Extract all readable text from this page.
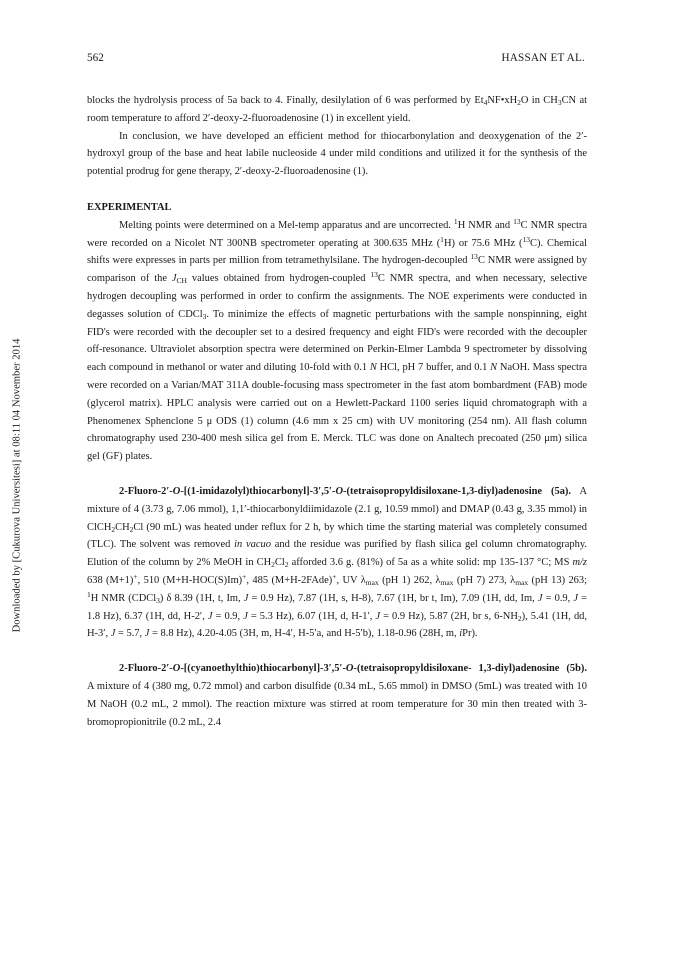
562	HASSAN ET AL.
Downloaded by [Cukurova Universitesi] at 08:11 04 November 2014

blocks the hydrolysis process of 5a back to 4. Finally, desilylation of 6 was performed by $Et_4NF•xH_2O$ in $CH_3CN$ at room temperature to afford 2′-deoxy-2-fluoroadenosine (1) in excellent yield.

In conclusion, we have developed an efficient method for thiocarbonylation and deoxygenation of the 2′-hydroxyl group of the base and heat labile nucleoside 4 under mild conditions and utilized it for the synthesis of the potential prodrug for gene therapy, 2′-deoxy-2-fluoroadenosine (1).

EXPERIMENTAL

Melting points were determined on a Mel-temp apparatus and are uncorrected. $^1$H NMR and $^{13}$C NMR spectra were recorded on a Nicolet NT 300NB spectrometer operating at 300.635 MHz ($^1$H) or 75.6 MHz ($^{13}$C). Chemical shifts were expresses in parts per million from tetramethylsilane. The hydrogen-decoupled $^{13}$C NMR were assigned by comparison of the $J_{CH}$ values obtained from hydrogen-coupled $^{13}$C NMR spectra, and when necessary, selective hydrogen decoupling was performed in order to confirm the assignments. The NOE experiments were conducted in degasses solution of CDCl$_3$. To minimize the effects of magnetic perturbations with the sample nonspinning, eight FID's were recorded with the decoupler set to a desired frequency and eight FID's were recorded with the decoupler off-resonance. Ultraviolet absorption spectra were determined on Perkin-Elmer Lambda 9 spectrometer by dissolving each compound in methanol or water and diluting 10-fold with 0.1 N HCl, pH 7 buffer, and 0.1 N NaOH. Mass spectra were recorded on a Varian/MAT 311A double-focusing mass spectrometer in the fast atom bombardment (FAB) mode (glycerol matrix). HPLC analysis were carried out on a Hewlett-Packard 1100 series liquid chromatograph with a Phenomenex Sphenclone 5 μ ODS (1) column (4.6 mm x 25 cm) with UV monitoring (254 nm). All flash column chromatography used 230-400 mesh silica gel from E. Merck. TLC was done on Analtech precoated (250 μm) silica gel (GF) plates.

2-Fluoro-2′-O-[(1-imidazolyl)thiocarbonyl]-3′,5′-O-(tetraisopropyldisiloxane-1,3-diyl)adenosine (5a). A mixture of 4 (3.73 g, 7.06 mmol), 1,1′-thiocarbonyldiimidazole (2.1 g, 10.59 mmol) and DMAP (0.43 g, 3.35 mmol) in $ClCH_2CH_2Cl$ (90 mL) was heated under reflux for 2 h, by which time the starting material was completely consumed (TLC). The solvent was removed in vacuo and the residue was purified by flash silica gel column chromatography. Elution of the column by 2% MeOH in $CH_2Cl_2$ afforded 3.6 g. (81%) of 5a as a white solid: mp 135-137 °C; MS m/z 638 (M+1)+, 510 (M+H-HOC(S)Im)+, 485 (M+H-2FAde)+, UV $\lambda_{max}$ (pH 1) 262, $\lambda_{max}$ (pH 7) 273, $\lambda_{max}$ (pH 13) 263; $^1$H NMR (CDCl$_3$) δ 8.39 (1H, t, Im, J = 0.9 Hz), 7.87 (1H, s, H-8), 7.67 (1H, br t, Im), 7.09 (1H, dd, Im, J = 0.9, J = 1.8 Hz), 6.37 (1H, dd, H-2′, J = 0.9, J = 5.3 Hz), 6.07 (1H, d, H-1′, J = 0.9 Hz), 5.87 (2H, br s, $6-NH_2$), 5.41 (1H, dd, H-3′, J = 5.7, J = 8.8 Hz), 4.20-4.05 (3H, m, H-4′, H-5′a, and H-5′b), 1.18-0.96 (28H, m, iPr).

2-Fluoro-2′-O-[(cyanoethylthio)thiocarbonyl]-3′,5′-O-(tetraisopropyldisiloxane- 1,3-diyl)adenosine (5b). A mixture of 4 (380 mg, 0.72 mmol) and carbon disulfide (0.34 mL, 5.65 mmol) in DMSO (5mL) was treated with 10 M NaOH (0.2 mL, 2 mmol). The reaction mixture was stirred at room temperature for 30 min then treated with 3-bromopropionitrile (0.2 mL, 2.4
